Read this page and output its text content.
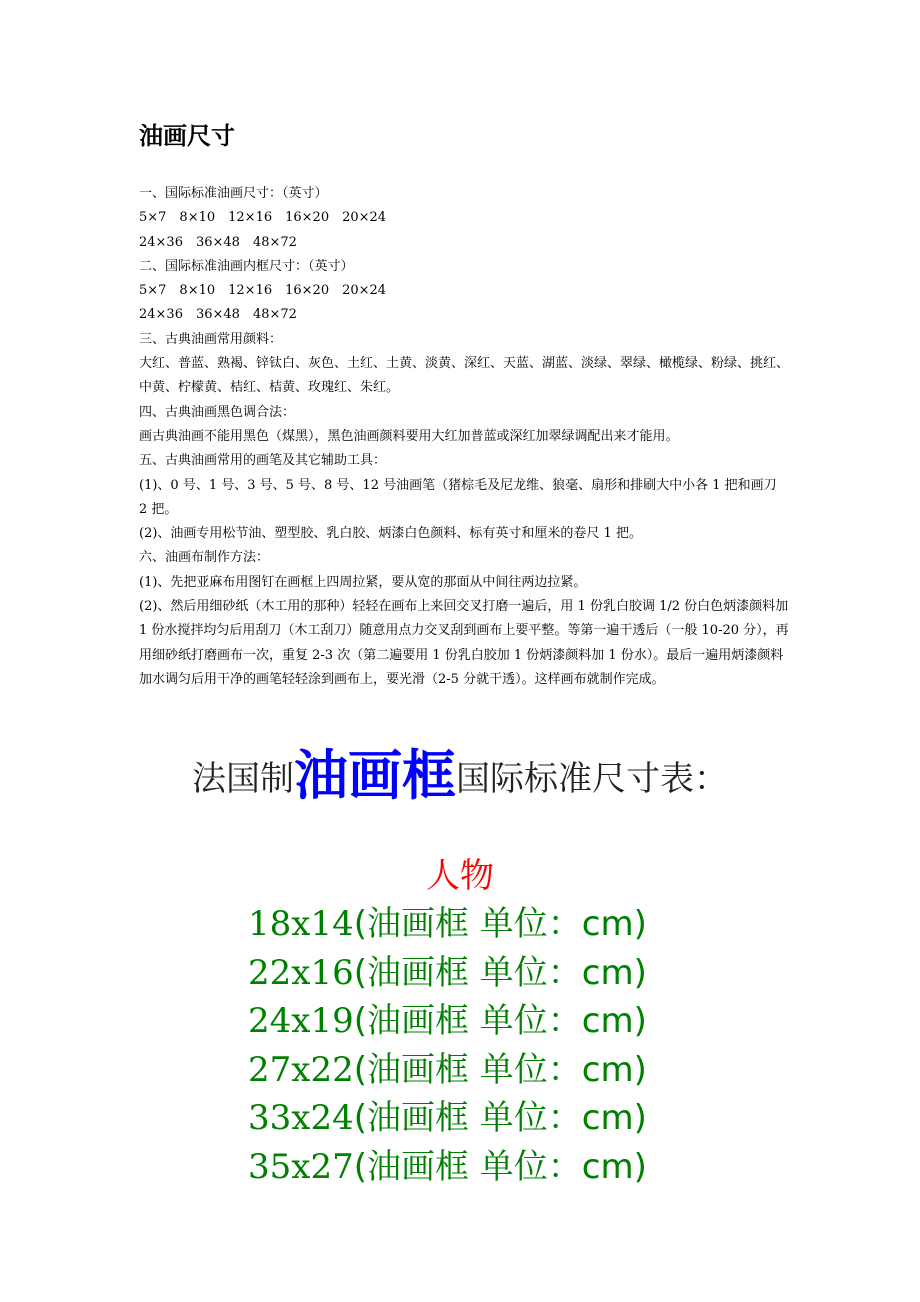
油画尺寸

一、国际标准油画尺寸：（英寸）

5×7　8×10　12×16　16×20　20×24

24×36　36×48　48×72

二、国际标准油画内框尺寸：（英寸）

5×7　8×10　12×16　16×20　20×24

24×36　36×48　48×72

三、古典油画常用颜料：

大红、普蓝、熟褐、锌钛白、灰色、土红、土黄、淡黄、深红、天蓝、湖蓝、淡绿、翠绿、橄榄绿、粉绿、挑红、中黄、柠檬黄、桔红、桔黄、玫瑰红、朱红。

四、古典油画黑色调合法：

画古典油画不能用黑色（煤黑），黑色油画颜料要用大红加普蓝或深红加翠绿调配出来才能用。

五、古典油画常用的画笔及其它辅助工具：

(1)、0 号、1 号、3 号、5 号、8 号、12 号油画笔（猪棕毛及尼龙维、狼毫、扇形和排刷大中小各 1 把和画刀 2 把。

(2)、油画专用松节油、塑型胶、乳白胶、炳漆白色颜料、标有英寸和厘米的卷尺 1 把。

六、油画布制作方法：

(1)、先把亚麻布用图钉在画框上四周拉紧，要从宽的那面从中间往两边拉紧。

(2)、然后用细砂纸（木工用的那种）轻轻在画布上来回交叉打磨一遍后，用 1 份乳白胶调 1/2 份白色炳漆颜料加 1 份水搅拌均匀后用刮刀（木工刮刀）随意用点力交叉刮到画布上要平整。等第一遍干透后（一般 10-20 分），再用细砂纸打磨画布一次，重复 2-3 次（第二遍要用 1 份乳白胶加 1 份炳漆颜料加 1 份水）。最后一遍用炳漆颜料加水调匀后用干净的画笔轻轻涂到画布上，要光滑（2-5 分就干透）。这样画布就制作完成。

法国制油画框国际标准尺寸表：
人物
18x14(油画框 单位：cm)
22x16(油画框 单位：cm)
24x19(油画框 单位：cm)
27x22(油画框 单位：cm)
33x24(油画框 单位：cm)
35x27(油画框 单位：cm)
